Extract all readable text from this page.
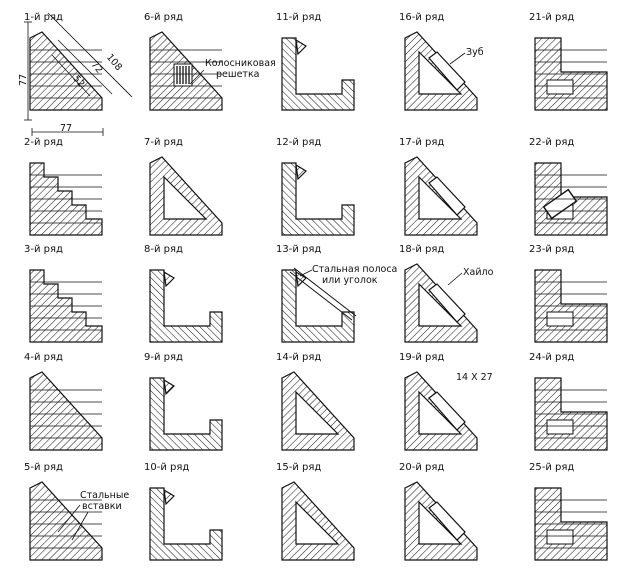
1-й ряд
2-й ряд
3-й ряд
4-й ряд
5-й ряд
6-й ряд
7-й ряд
8-й ряд
9-й ряд
10-й ряд
11-й ряд
12-й ряд
13-й ряд
14-й ряд
15-й ряд
16-й ряд
17-й ряд
18-й ряд
19-й ряд
20-й ряд
21-й ряд
22-й ряд
23-й ряд
24-й ряд
25-й ряд
Колосниковая решетка
Стальные вставки
Стальная полоса или уголок
Зуб
Хайло
14 X 27
77
77
108
72
52
